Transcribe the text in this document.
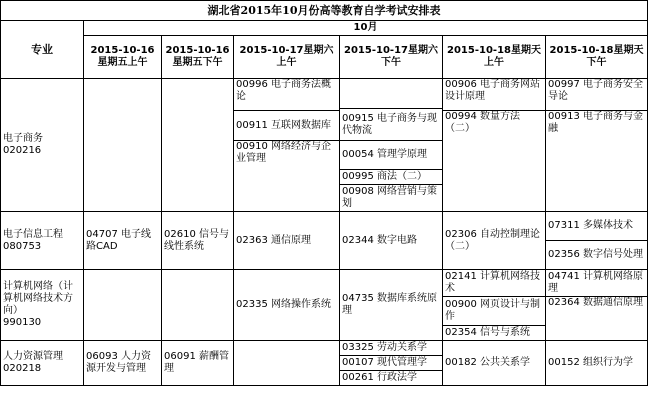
湖北省2015年10月份高等教育自学考试安排表						
专业	10月					
	2015-10-16星期五上午	2015-10-16星期五下午	2015-10-17星期六上午	2015-10-17星期六下午	2015-10-18星期天上午	2015-10-18星期天下午

电子商务
020216			00996 电子商务法概论		00906 电子商务网站设计原理	00997 电子商务安全导论
				00915 电子商务与现代物流		
			00911 互联网数据库		00994 数量方法（二）	00913 电子商务与金融
			00910 网络经济与企业管理	00054 管理学原理		
				00995 商法（二）		
				00908 网络营销与策划		

电子信息工程
080753	04707 电子线路CAD	02610 信号与线性系统	02363 通信原理	02344 数字电路	02306 自动控制理论（二）	07311 多媒体技术
						02356 数字信号处理

计算机网络（计算机网络技术方向）
990130			02335 网络操作系统	04735 数据库系统原理	02141 计算机网络技术	04741 计算机网络原理
					00900 网页设计与制作	02364 数据通信原理
					02354 信号与系统	

人力资源管理
020218	06093 人力资源开发与管理	06091 薪酬管理		03325 劳动关系学	00182 公共关系学	00152 组织行为学
				00107 现代管理学		
				00261 行政法学		
